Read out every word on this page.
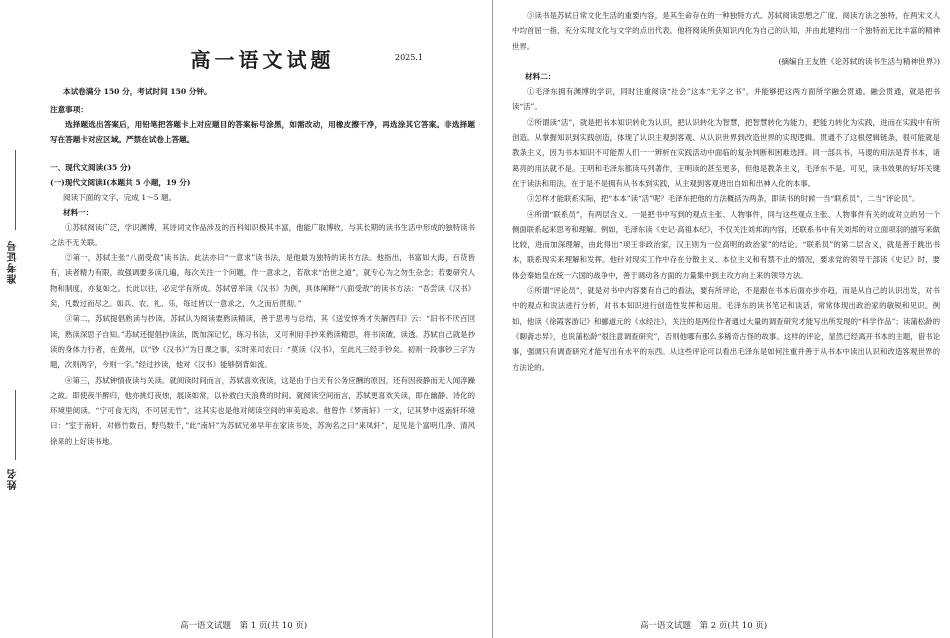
准考证号
姓名
高一语文试题	2025.1
本试卷满分 150 分，考试时间 150 分钟。
注意事项：

选择题选出答案后，用铅笔把答题卡上对应题目的答案标号涂黑，如需改动，用橡皮擦干净，再选涂其它答案。非选择题写在答题卡对应区域。严禁在试卷上答题。

一、现代文阅读(35 分)
(一)现代文阅读Ⅰ(本题共 5 小题，19 分)
阅读下面的文字，完成 1～5 题。
材料一：

①苏轼阅读广泛，学识渊博，其诗词文作品涉及的百科知识极其丰富，他能广取博收，与其长期的读书生活中形成的独特读书之法不无关联。

②第一，苏轼主张“八面受敌”读书法。此法亦曰“一意求”读书法，是他最为独特的读书方法。他指出，书富如大海，百货皆有，读者精力有限，故强调要多读几遍，每次关注一个问题，作一意求之，若欲求“治世之道”，就专心为之勿生杂念；若要研究人物和制度，亦复如之。长此以往，必定学有所成。苏轼曾举读《汉书》为例，具体阐释“八面受敌”的读书方法：“吾尝读《汉书》矣，凡数过而尽之。如兵、农、礼、乐，每过皆以一意求之，久之而后贯彻。”

③第二，苏轼提倡熟读与抄读。苏轼认为阅读要熟读精读，善于思考与总结，其《送安惇秀才失解西归》云：“旧书不厌百回读，熟读深思子自知。”苏轼还提倡抄读法，既加深记忆，练习书法，又可利用手抄来熟读精思，将书读破、读透。苏轼自己就是抄读的身体力行者，在黄州，以“钞《汉书》”为日课之事，实时来司农曰：“莫读《汉书》，至此凡三经手钞矣。初则一段事钞三字为题，次则两字，今则一字。”经过抄读，他对《汉书》能够倒背如流。

④第三，苏轼钟情夜读与关读。就阅读时间而言，苏轼喜欢夜读，这是由于白天有公务应酬的原因，还有因夜静而无人闻淳躁之故。即使夜半醉归，他亦挑灯夜烛，展读如常，以补救白天浪费的时间。就阅读空间而言，苏轼更喜欢关读，即在幽静、诗化的环境里阅读。“宁可食无肉，不可居无竹”，这其实也是他对阅读空间的审美追求。他曾作《梦南轩》一文，记其梦中返南轩环境曰：“室于南轩，对修竹数百，野鸟数千，”此“南轩”为苏轼兄弟早年在家读书处，苏洵名之曰“来凤轩”，足见是个富明几净、清风徐来的上好读书地。

高一语文试题　第 1 页(共 10 页)

⑤读书是苏轼日常文化生活的重要内容，是其生命存在的一种独特方式。苏轼阅读思想之广度、阅读方法之独特，在两宋文人中均首屈一指，充分实现文化与文学的点出代表。他将阅读所获知识内化为自己的认知，并由此建构出一个独特而无比丰富的精神世界。

(摘编自王友胜《论苏轼的读书生活与精神世界》)

材料二：

①毛泽东拥有渊博的学识，同时注重阅读“社会”这本“无字之书”，并能够把这两方面所学融会贯通。融会贯通，就是把书读“活”。

②所谓读“活”，就是把书本知识转化为认识，把认识转化为智慧，把智慧转化为能力，把能力转化为实践，进而在实践中有所创造。从掌握知识到实践创造，体现了认识主观到客观、从认识世界到改造世界的实现逻辑。贯通不了这根逻辑链条，很可能就是教条主义，因为书本知识不可能帮人们一一辨析在实践活动中面临的复杂判断和困难选择。同一部兵书，马谡的用法是背书本，诸葛亮的用法就不是。王明和毛泽东都读马列著作，王明读的甚至更多，但他是教条主义，毛泽东不是。可见，读书效果的好坏关键在于读法和用法，在于是不是拥有从书本到实践，从主观到客观进出自如和出神入化的本事。

③怎样才能联系实际，把“本本”读“活”呢？毛泽东把他的方法概括为两条，即读书的时候一当“联系员”，二当“评论员”。

④所谓“联系员”，有两层含义。一是把书中写到的观点主张、人物事件，同与这些观点主张、人物事件有关的或对立的另一个侧面联系起来思考和理解。例如，毛泽东读《史记·高祖本纪》，不仅关注刘邦的内容，还联系书中有关刘邦的对立面项羽的描写来做比较，进而加深理解，由此得出“项王非政治家，汉王则为一位高明的政治家”的结论。“联系员”的第二层含义，就是善于跳出书本，联系现实来理解和发挥。他针对现实工作中存在分散主义、本位主义和有禁不止的情况，要求党的领导干部读《史记》时，要体会秦始皇在统一六国的战争中，善于调动各方面的力量集中到主攻方向上来的领导方法。

⑤所谓“评论员”，就是对书中内容要有自己的看法，要有所评论，不是跟在书本后面亦步亦趋，而是从自己的认识出发，对书中的观点和说法进行分析，对书本知识进行创造性发挥和运用。毛泽东的读书笔记和谈话，常常体现出政治家的敏锐和见识。例如，他读《徐霞客游记》和郦道元的《水经注》，关注的是两位作者通过大量的调查研究才能写出所发现的“科学作品”；读蒲松龄的《聊斋志异》，也说蒲松龄“很注意调查研究”，否则他哪有那么多稀奇古怪的故事。这样的评论，显然已经离开书本的主题，借书论事，强调只有调查研究才能写出有水平的东西。从这些评论可以看出毛泽东是如何注重并善于从书本中读出认识和改造客观世界的方法论的。

高一语文试题　第 2 页(共 10 页)
